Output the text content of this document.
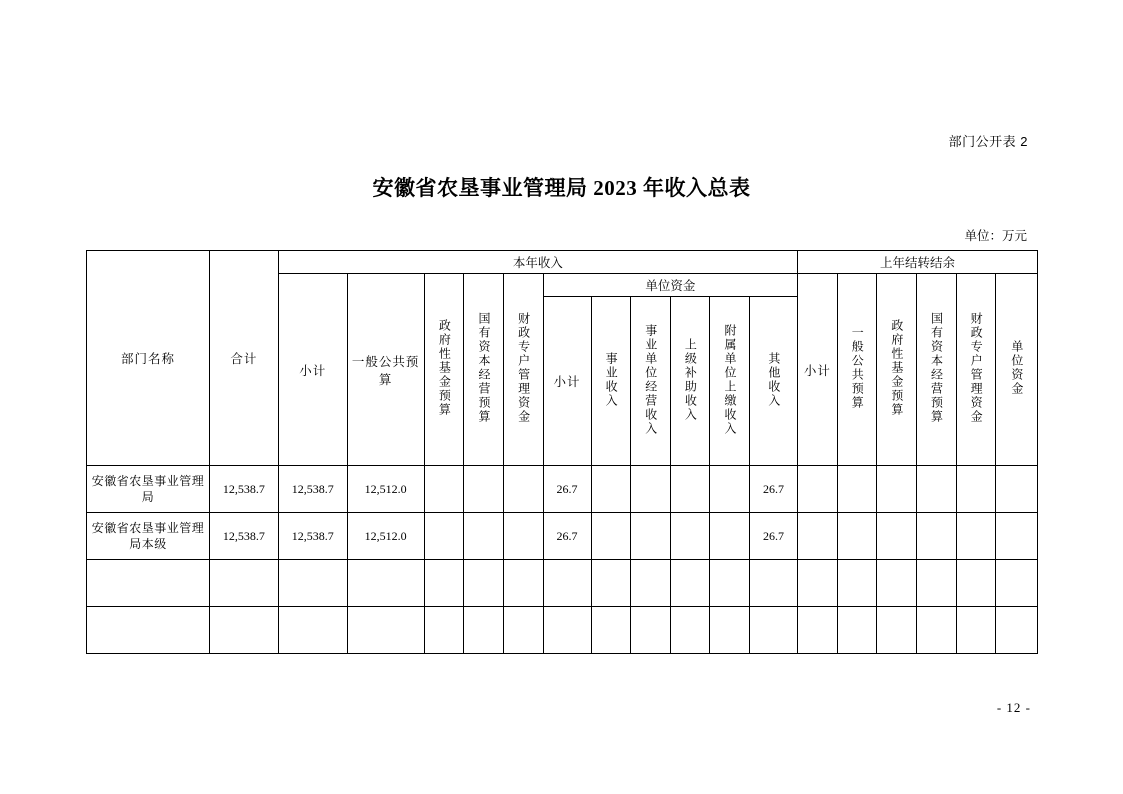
部门公开表 2
安徽省农垦事业管理局 2023 年收入总表
单位：万元
部门名称	合计	本年收入											上年结转结余					
		小计	一般公共预算	政府性基金预算	国有资本经营预算	财政专户管理资金	单位资金						小计	一般公共预算	政府性基金预算	国有资本经营预算	财政专户管理资金	单位资金
							小计	事业收入	事业单位经营收入	上级补助收入	附属单位上缴收入	其他收入						

安徽省农垦事业管理局	12,538.7	12,538.7	12,512.0				26.7					26.7						
安徽省农垦事业管理局本级	12,538.7	12,538.7	12,512.0				26.7					26.7						

- 12 -
